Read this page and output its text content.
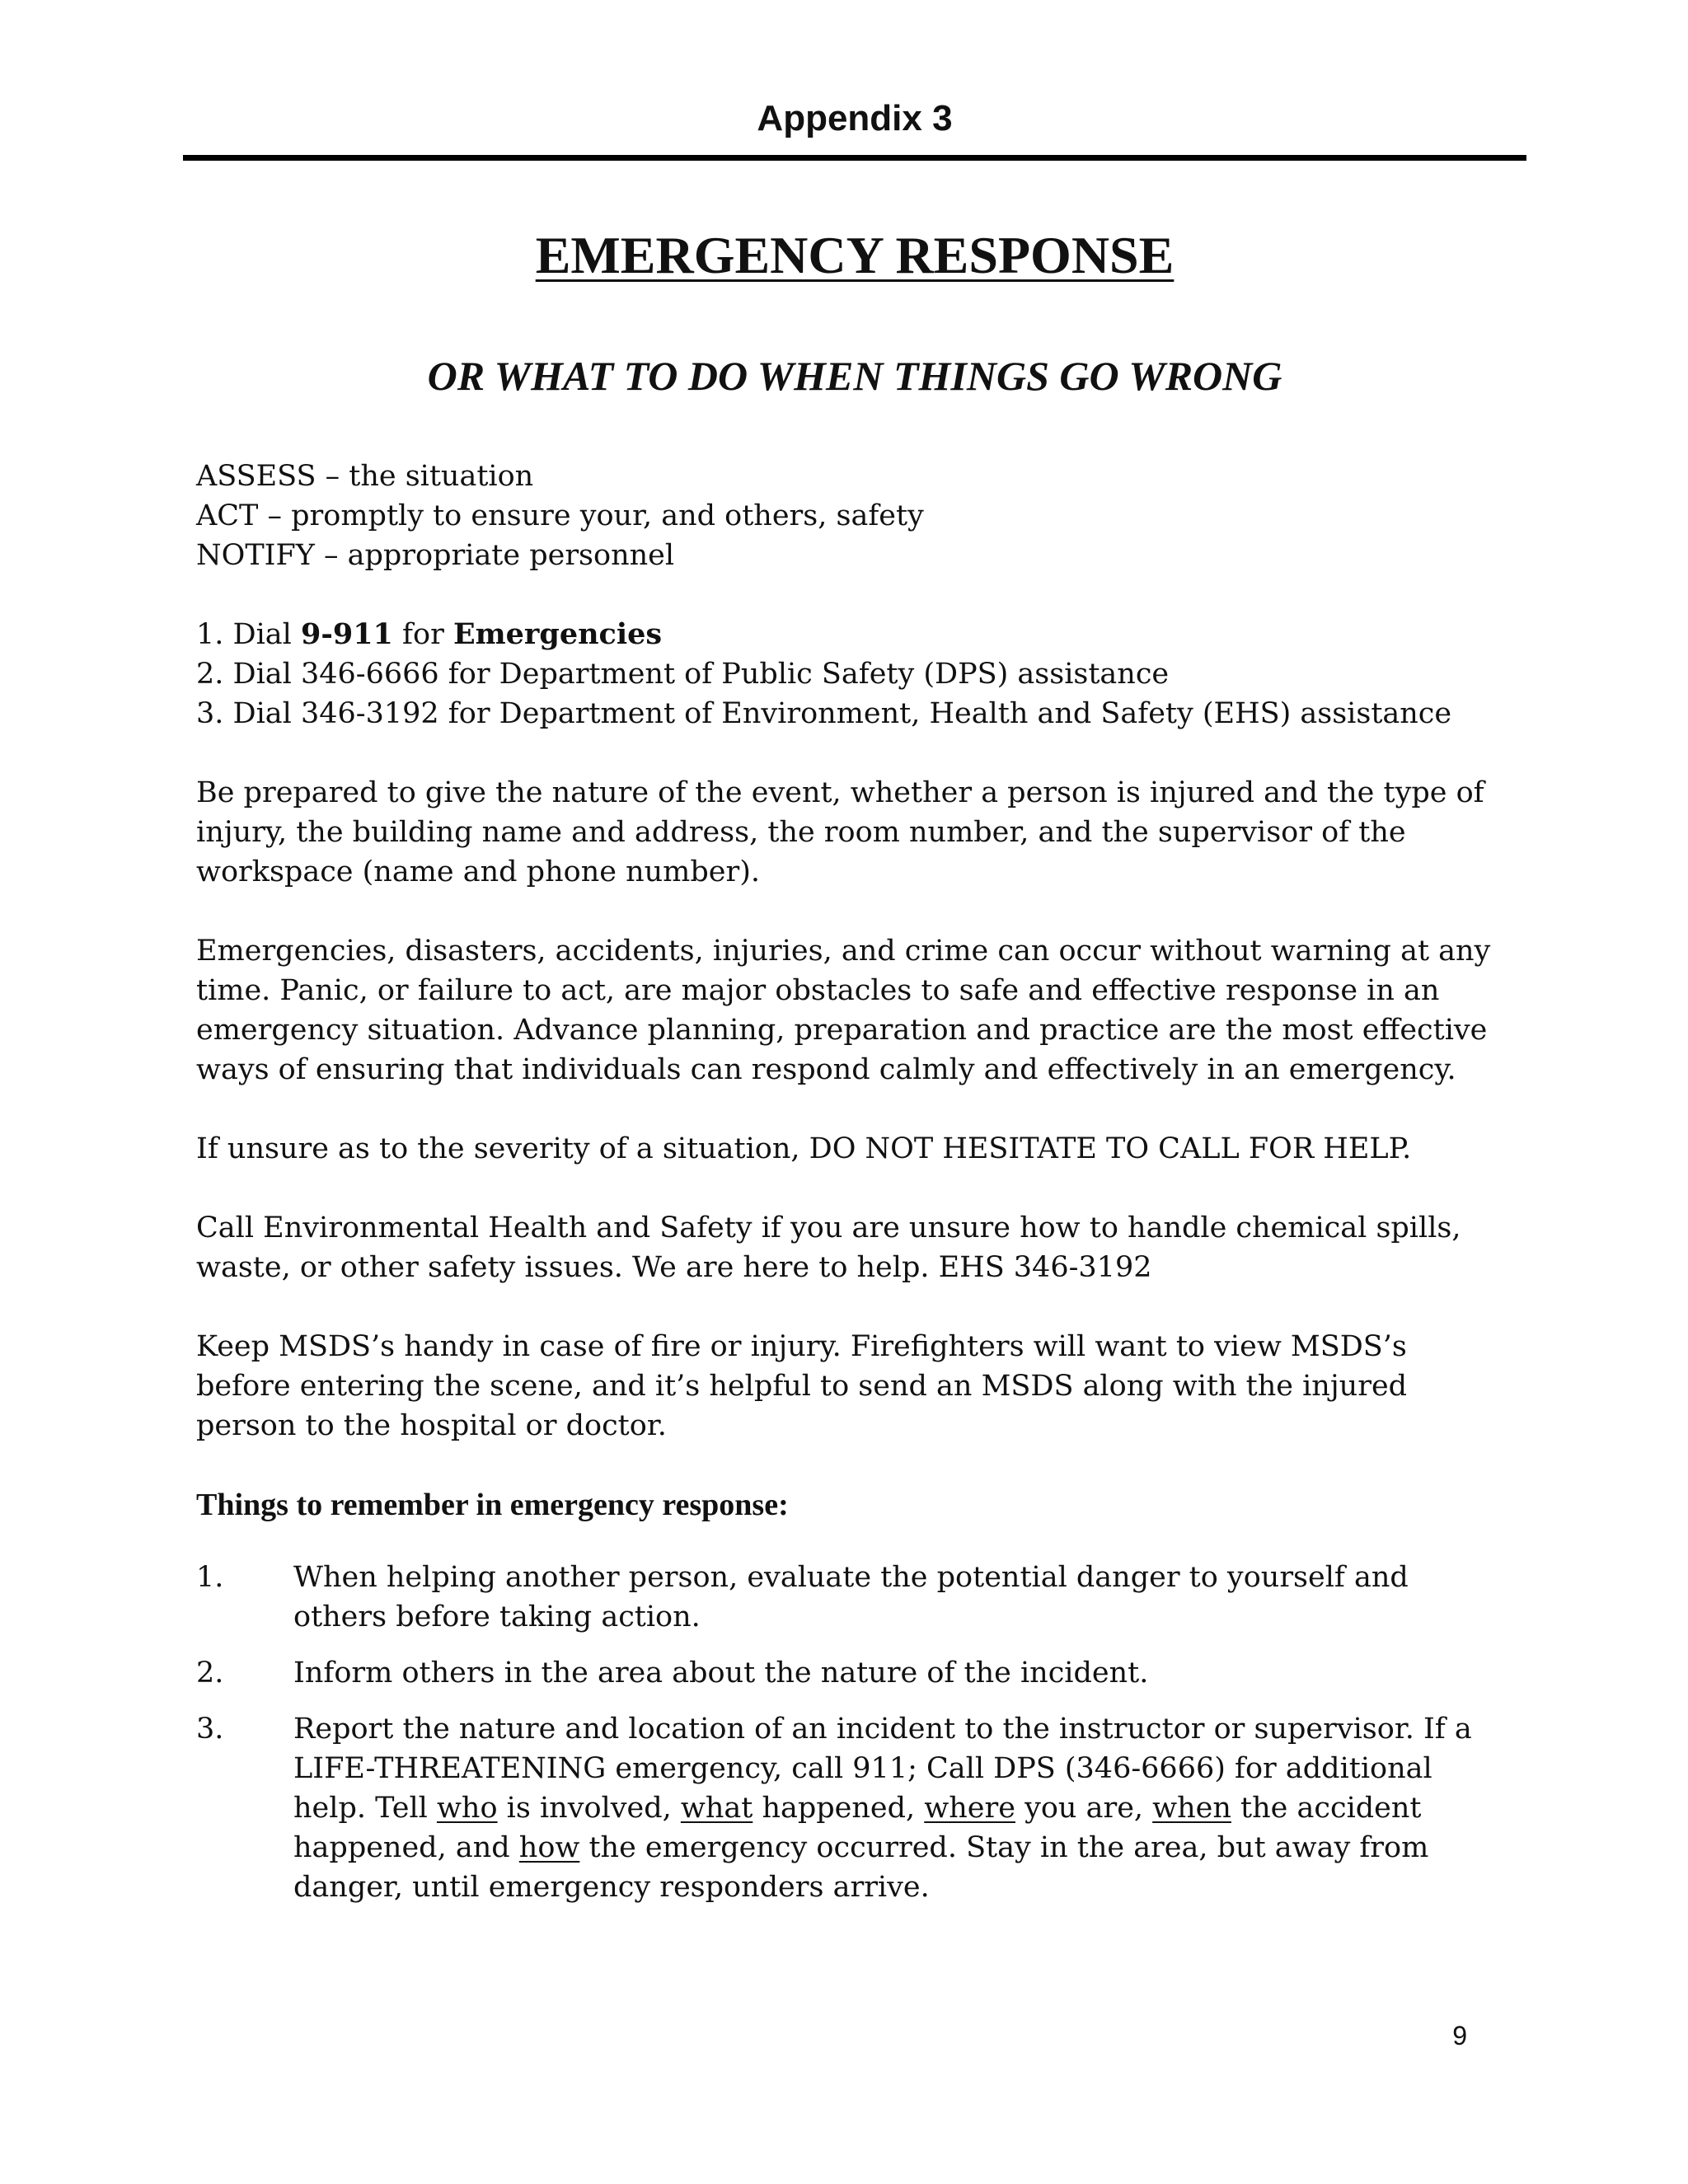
Appendix 3
EMERGENCY RESPONSE
OR WHAT TO DO WHEN THINGS GO WRONG

ASSESS – the situation

ACT – promptly to ensure your, and others, safety

NOTIFY – appropriate personnel

1. Dial 9-911 for Emergencies

2. Dial 346-6666 for Department of Public Safety (DPS) assistance

3. Dial 346-3192 for Department of Environment, Health and Safety (EHS) assistance

Be prepared to give the nature of the event, whether a person is injured and the type of injury, the building name and address, the room number, and the supervisor of the workspace (name and phone number).

Emergencies, disasters, accidents, injuries, and crime can occur without warning at any time. Panic, or failure to act, are major obstacles to safe and effective response in an emergency situation. Advance planning, preparation and practice are the most effective ways of ensuring that individuals can respond calmly and effectively in an emergency.

If unsure as to the severity of a situation, DO NOT HESITATE TO CALL FOR HELP.

Call Environmental Health and Safety if you are unsure how to handle chemical spills, waste, or other safety issues. We are here to help. EHS 346-3192

Keep MSDS’s handy in case of fire or injury. Firefighters will want to view MSDS’s before entering the scene, and it’s helpful to send an MSDS along with the injured person to the hospital or doctor.

Things to remember in emergency response:

1. When helping another person, evaluate the potential danger to yourself and others before taking action.
2. Inform others in the area about the nature of the incident.
3. Report the nature and location of an incident to the instructor or supervisor. If a LIFE-THREATENING emergency, call 911; Call DPS (346-6666) for additional help. Tell who is involved, what happened, where you are, when the accident happened, and how the emergency occurred. Stay in the area, but away from danger, until emergency responders arrive.
9
